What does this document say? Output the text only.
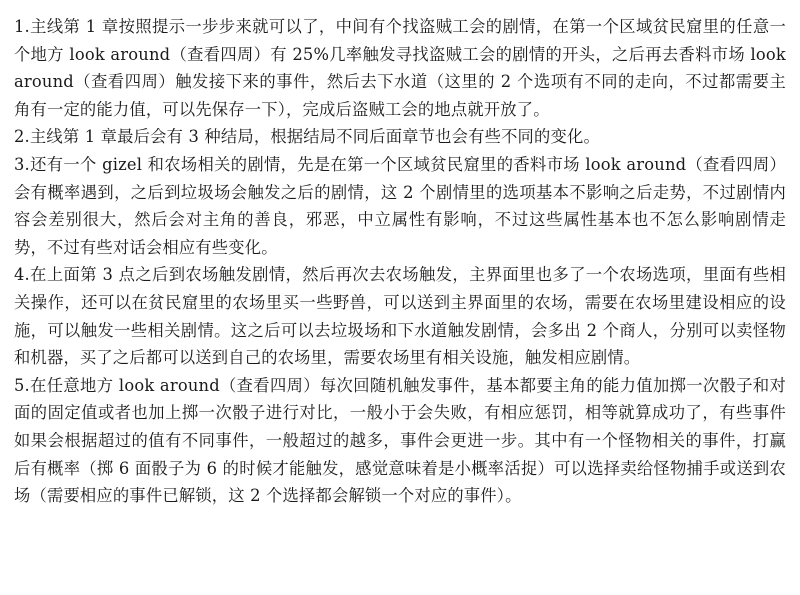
1.主线第 1 章按照提示一步步来就可以了，中间有个找盗贼工会的剧情，在第一个区域贫民窟里的任意一个地方 look around（查看四周）有 25%几率触发寻找盗贼工会的剧情的开头，之后再去香料市场 look around（查看四周）触发接下来的事件，然后去下水道（这里的 2 个选项有不同的走向，不过都需要主角有一定的能力值，可以先保存一下），完成后盗贼工会的地点就开放了。

2.主线第 1 章最后会有 3 种结局，根据结局不同后面章节也会有些不同的变化。

3.还有一个 gizel 和农场相关的剧情，先是在第一个区域贫民窟里的香料市场 look around（查看四周）会有概率遇到，之后到垃圾场会触发之后的剧情，这 2 个剧情里的选项基本不影响之后走势，不过剧情内容会差别很大，然后会对主角的善良，邪恶，中立属性有影响，不过这些属性基本也不怎么影响剧情走势，不过有些对话会相应有些变化。

4.在上面第 3 点之后到农场触发剧情，然后再次去农场触发，主界面里也多了一个农场选项，里面有些相关操作，还可以在贫民窟里的农场里买一些野兽，可以送到主界面里的农场，需要在农场里建设相应的设施，可以触发一些相关剧情。这之后可以去垃圾场和下水道触发剧情，会多出 2 个商人，分别可以卖怪物和机器，买了之后都可以送到自己的农场里，需要农场里有相关设施，触发相应剧情。

5.在任意地方 look around（查看四周）每次回随机触发事件，基本都要主角的能力值加掷一次骰子和对面的固定值或者也加上掷一次骰子进行对比，一般小于会失败，有相应惩罚，相等就算成功了，有些事件如果会根据超过的值有不同事件，一般超过的越多，事件会更进一步。其中有一个怪物相关的事件，打赢后有概率（掷 6 面骰子为 6 的时候才能触发，感觉意味着是小概率活捉）可以选择卖给怪物捕手或送到农场（需要相应的事件已解锁，这 2 个选择都会解锁一个对应的事件）。
